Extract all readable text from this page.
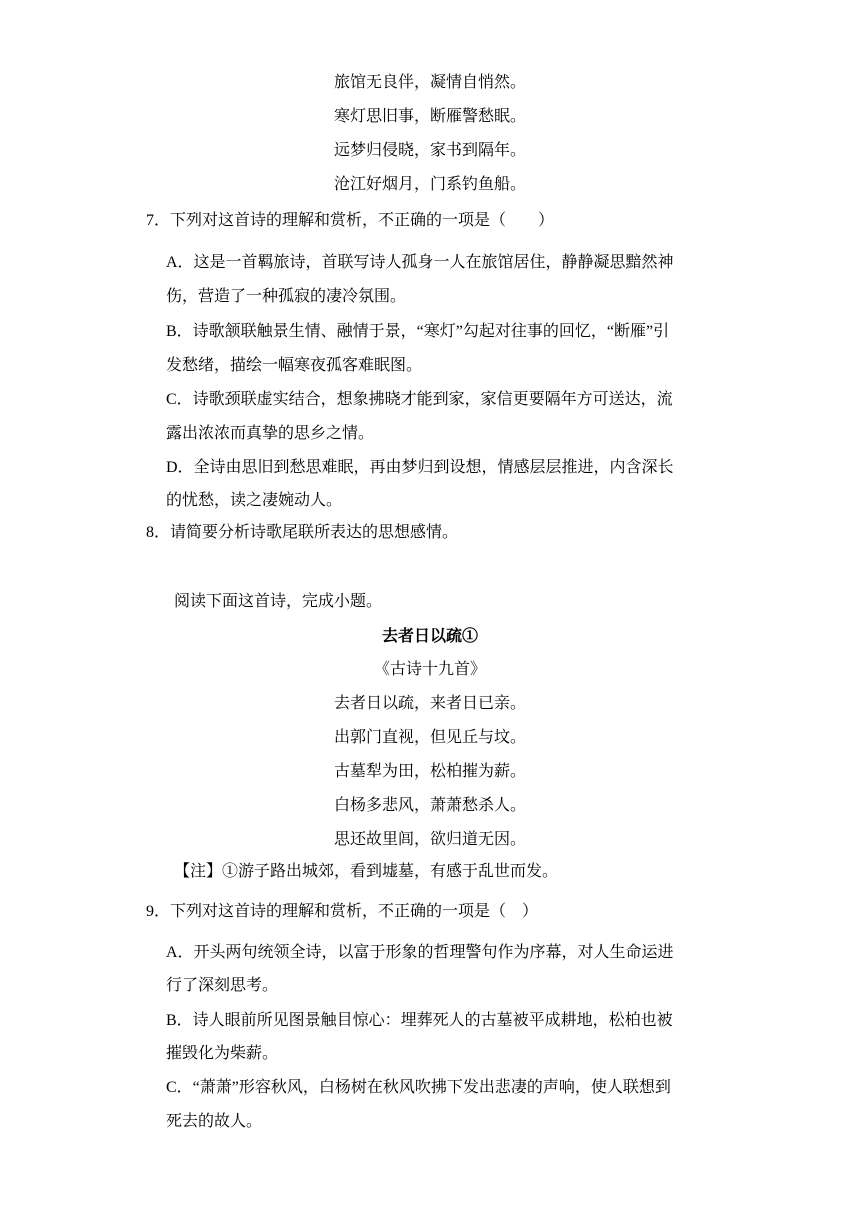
旅馆无良伴，凝情自悄然。
寒灯思旧事，断雁警愁眠。
远梦归侵晓，家书到隔年。
沧江好烟月，门系钓鱼船。
7．下列对这首诗的理解和赏析，不正确的一项是（　　）
A．这是一首羁旅诗，首联写诗人孤身一人在旅馆居住，静静凝思黯然神
伤，营造了一种孤寂的凄冷氛围。
B．诗歌颔联触景生情、融情于景，“寒灯”勾起对往事的回忆，“断雁”引
发愁绪，描绘一幅寒夜孤客难眠图。
C．诗歌颈联虚实结合，想象拂晓才能到家，家信更要隔年方可送达，流
露出浓浓而真挚的思乡之情。
D．全诗由思旧到愁思难眠，再由梦归到设想，情感层层推进，内含深长
的忧愁，读之凄婉动人。
8．请简要分析诗歌尾联所表达的思想感情。
阅读下面这首诗，完成小题。
去者日以疏①
《古诗十九首》
去者日以疏，来者日已亲。
出郭门直视，但见丘与坟。
古墓犁为田，松柏摧为薪。
白杨多悲风，萧萧愁杀人。
思还故里闾，欲归道无因。
【注】①游子路出城郊，看到墟墓，有感于乱世而发。
9．下列对这首诗的理解和赏析，不正确的一项是（　）
A．开头两句统领全诗，以富于形象的哲理警句作为序幕，对人生命运进
行了深刻思考。
B．诗人眼前所见图景触目惊心：埋葬死人的古墓被平成耕地，松柏也被
摧毁化为柴薪。
C．“萧萧”形容秋风，白杨树在秋风吹拂下发出悲凄的声响，使人联想到
死去的故人。
